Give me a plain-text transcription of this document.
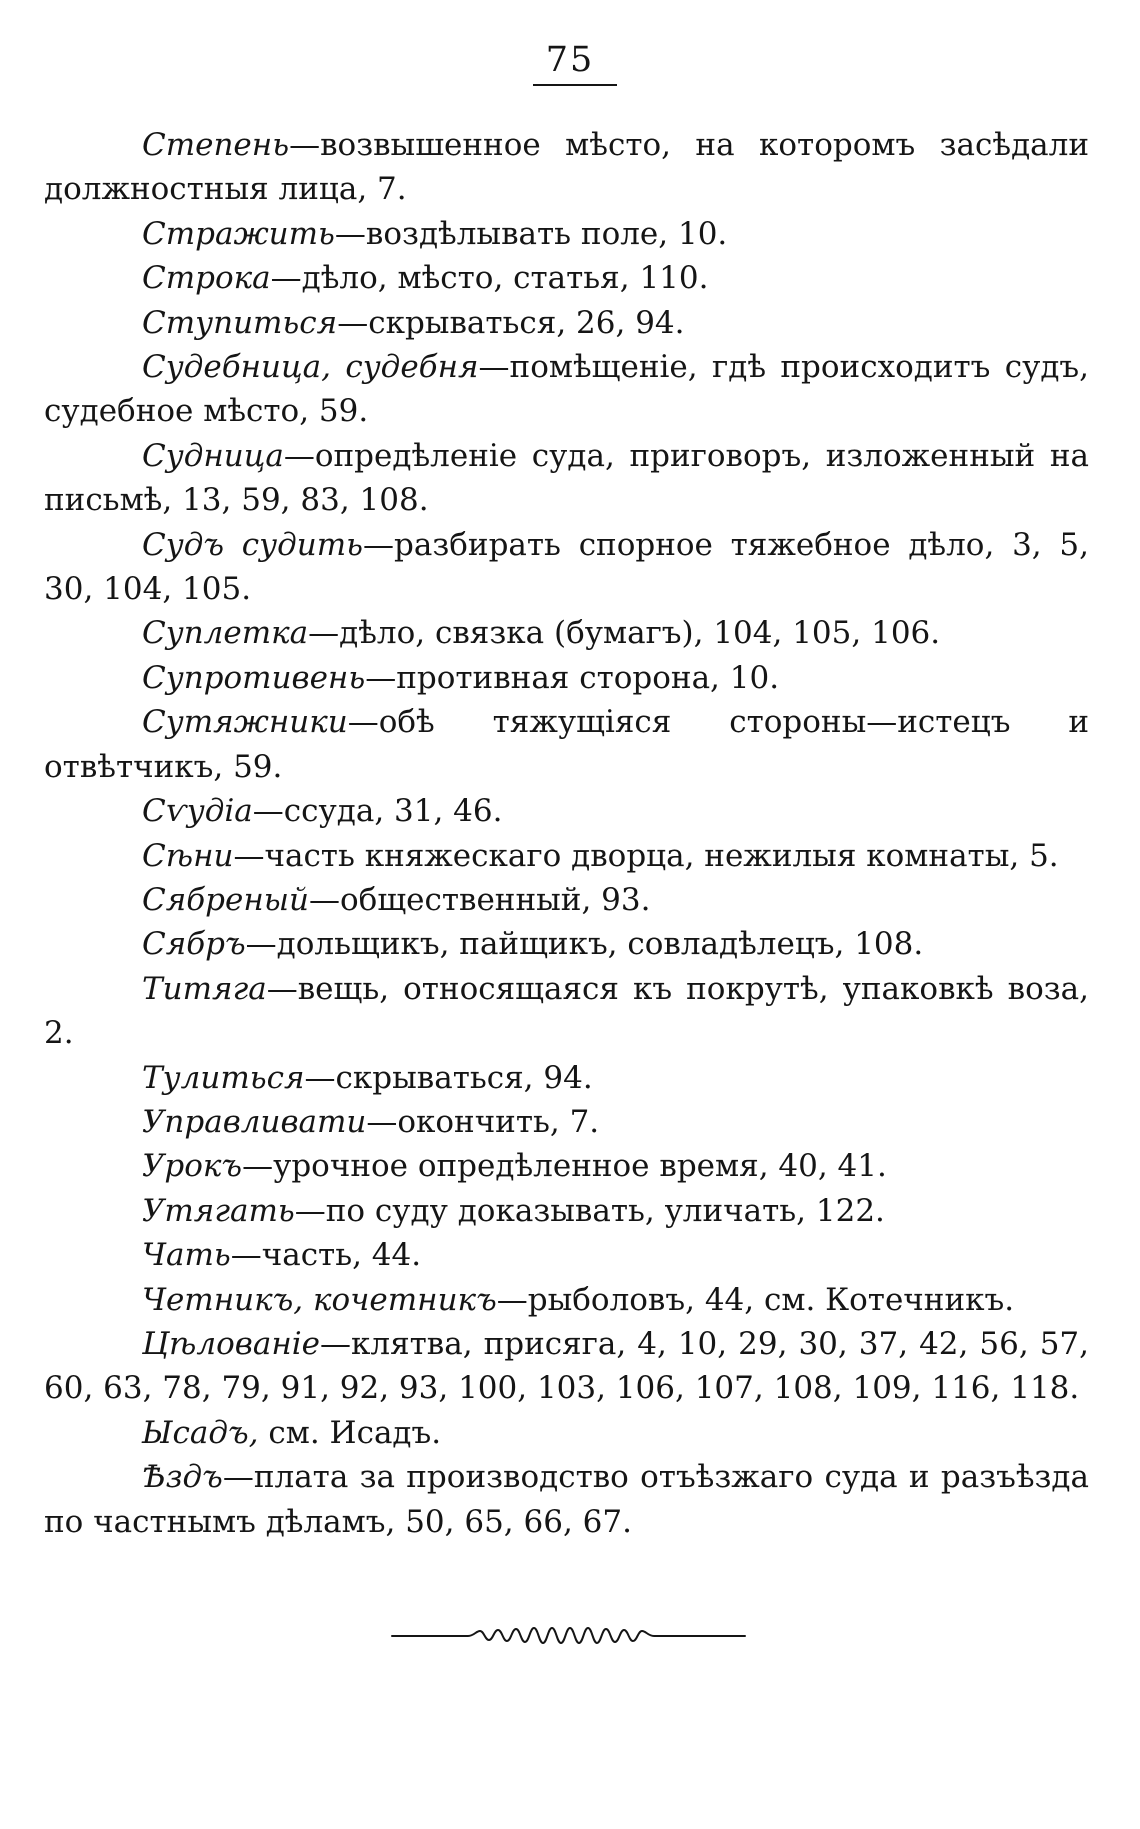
75

Степень—возвышенное мѣсто, на которомъ засѣдали должностныя лица, 7.

Стражить—воздѣлывать поле, 10.

Строка—дѣло, мѣсто, статья, 110.

Ступиться—скрываться, 26, 94.

Судебница, судебня—помѣщеніе, гдѣ происходитъ судъ, судебное мѣсто, 59.

Судница—опредѣленіе суда, приговоръ, изложенный на письмѣ, 13, 59, 83, 108.

Судъ судить—разбирать спорное тяжебное дѣло, 3, 5, 30, 104, 105.

Суплетка—дѣло, связка (бумагъ), 104, 105, 106.

Супротивень—противная сторона, 10.

Сутяжники—обѣ тяжущіяся стороны—истецъ и отвѣтчикъ, 59.

Сѵудіа—ссуда, 31, 46.

Сѣни—часть княжескаго дворца, нежилыя комнаты, 5.

Сябреный—общественный, 93.

Сябръ—дольщикъ, пайщикъ, совладѣлецъ, 108.

Титяга—вещь, относящаяся къ покрутѣ, упаковкѣ воза, 2.

Тулиться—скрываться, 94.

Управливати—окончить, 7.

Урокъ—урочное опредѣленное время, 40, 41.

Утягать—по суду доказывать, уличать, 122.

Чать—часть, 44.

Четникъ, кочетникъ—рыболовъ, 44, см. Котечникъ.

Цѣлованіе—клятва, присяга, 4, 10, 29, 30, 37, 42, 56, 57, 60, 63, 78, 79, 91, 92, 93, 100, 103, 106, 107, 108, 109, 116, 118.

Ысадъ, см. Исадъ.

Ѣздъ—плата за производство отъѣзжаго суда и разъѣзда по частнымъ дѣламъ, 50, 65, 66, 67.
